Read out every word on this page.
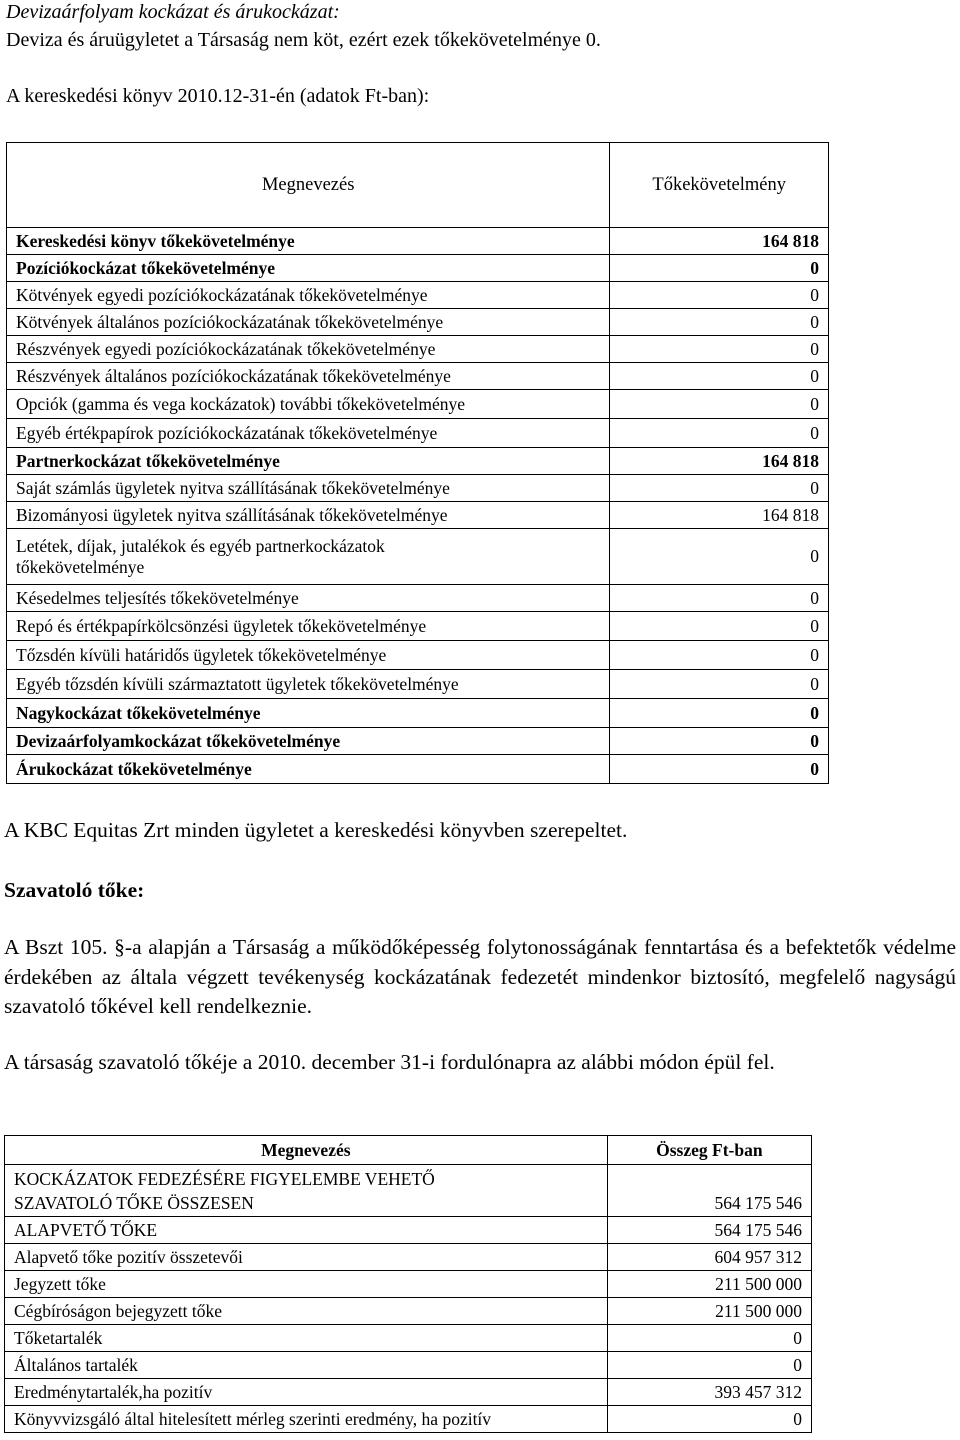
Devizaárfolyam kockázat és árukockázat:
Deviza és áruügyletet a Társaság nem köt, ezért ezek tőkekövetelménye 0.
A kereskedési könyv 2010.12-31-én (adatok Ft-ban):
Megnevezés	Tőkekövetelmény
Kereskedési könyv tőkekövetelménye	164 818
Pozíciókockázat tőkekövetelménye	0
Kötvények egyedi pozíciókockázatának tőkekövetelménye	0
Kötvények általános pozíciókockázatának tőkekövetelménye	0
Részvények egyedi pozíciókockázatának tőkekövetelménye	0
Részvények általános pozíciókockázatának tőkekövetelménye	0
Opciók (gamma és vega kockázatok) további tőkekövetelménye	0
Egyéb értékpapírok pozíciókockázatának tőkekövetelménye	0
Partnerkockázat tőkekövetelménye	164 818
Saját számlás ügyletek nyitva szállításának tőkekövetelménye	0
Bizományosi ügyletek nyitva szállításának tőkekövetelménye	164 818
Letétek, díjak, jutalékok és egyéb partnerkockázatok
tőkekövetelménye	0
Késedelmes teljesítés tőkekövetelménye	0
Repó és értékpapírkölcsönzési ügyletek tőkekövetelménye	0
Tőzsdén kívüli határidős ügyletek tőkekövetelménye	0
Egyéb tőzsdén kívüli származtatott ügyletek tőkekövetelménye	0
Nagykockázat tőkekövetelménye	0
Devizaárfolyamkockázat tőkekövetelménye	0
Árukockázat tőkekövetelménye	0
A KBC Equitas Zrt minden ügyletet a kereskedési könyvben szerepeltet.
Szavatoló tőke:
A Bszt 105. §-a alapján a Társaság a működőképesség folytonosságának fenntartása és a befektetők védelme érdekében az általa végzett tevékenység kockázatának fedezetét mindenkor biztosító, megfelelő nagyságú szavatoló tőkével kell rendelkeznie.
A társaság szavatoló tőkéje a 2010. december 31-i fordulónapra az alábbi módon épül fel.
Megnevezés	Összeg Ft-ban
KOCKÁZATOK FEDEZÉSÉRE FIGYELEMBE VEHETŐ
SZAVATOLÓ TŐKE ÖSSZESEN	564 175 546
ALAPVETŐ TŐKE	564 175 546
Alapvető tőke pozitív összetevői	604 957 312
Jegyzett tőke	211 500 000
Cégbíróságon bejegyzett tőke	211 500 000
Tőketartalék	0
Általános tartalék	0
Eredménytartalék,ha pozitív	393 457 312
Könyvvizsgáló által hitelesített mérleg szerinti eredmény, ha pozitív	0
